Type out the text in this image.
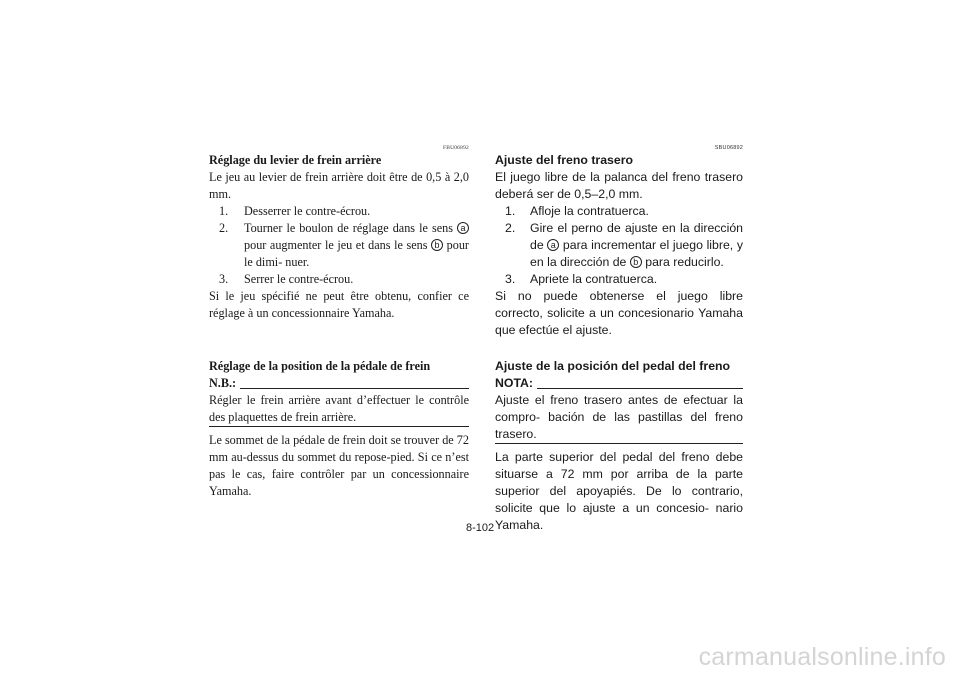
FBU06892

Réglage du levier de frein arrière

Le jeu au levier de frein arrière doit être de 0,5 à 2,0 mm.

1. Desserrer le contre-écrou.
2. Tourner le boulon de réglage dans le sens a pour augmenter le jeu et dans le sens b pour le dimi- nuer.
3. Serrer le contre-écrou.

Si le jeu spécifié ne peut être obtenu, confier ce réglage à un concessionnaire Yamaha.

Réglage de la position de la pédale de frein

N.B.:

Régler le frein arrière avant d’effectuer le contrôle des plaquettes de frein arrière.

Le sommet de la pédale de frein doit se trouver de 72 mm au-dessus du sommet du repose-pied. Si ce n’est pas le cas, faire contrôler par un concessionnaire Yamaha.

SBU06892

Ajuste del freno trasero

El juego libre de la palanca del freno trasero deberá ser de 0,5–2,0 mm.

1. Afloje la contratuerca.
2. Gire el perno de ajuste en la dirección de a para incrementar el juego libre, y en la dirección de b para reducirlo.
3. Apriete la contratuerca.

Si no puede obtenerse el juego libre correcto, solicite a un concesionario Yamaha que efectúe el ajuste.

Ajuste de la posición del pedal del freno

NOTA:

Ajuste el freno trasero antes de efectuar la compro- bación de las pastillas del freno trasero.

La parte superior del pedal del freno debe situarse a 72 mm por arriba de la parte superior del apoyapiés. De lo contrario, solicite que lo ajuste a un concesio- nario Yamaha.

8-102
carmanualsonline.info
